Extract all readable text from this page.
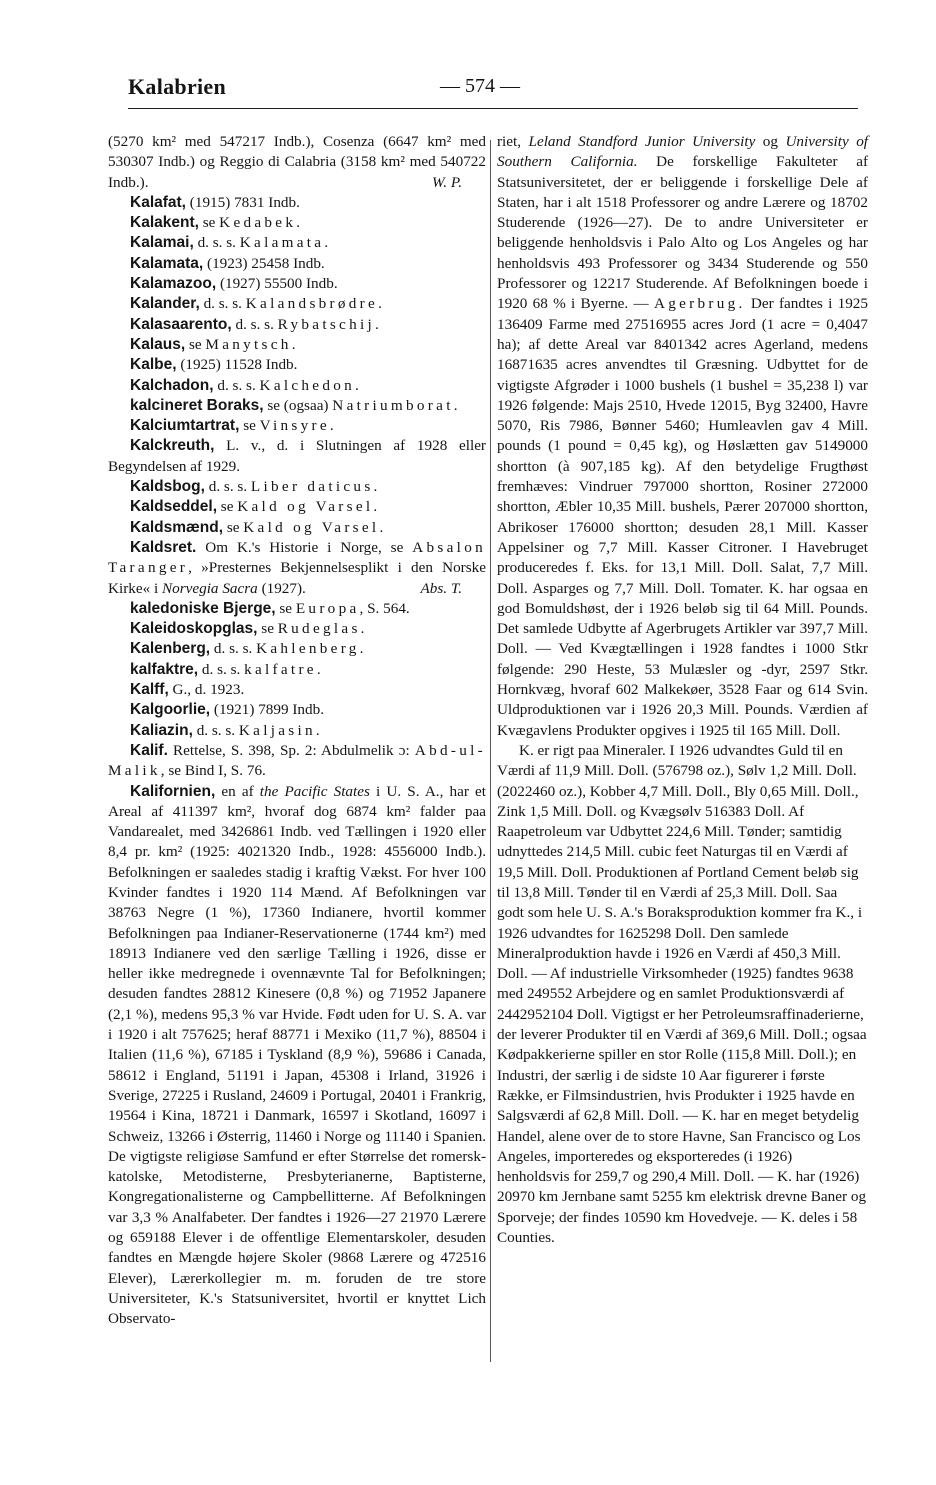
Kalabrien	— 574 —

(5270 km² med 547217 Indb.), Cosenza (6647 km² med 530307 Indb.) og Reggio di Calabria (3158 km² med 540722 Indb.).	W. P.

Kalafat, (1915) 7831 Indb.

Kalakent, se Kedabek.

Kalamai, d. s. s. Kalamata.

Kalamata, (1923) 25458 Indb.

Kalamazoo, (1927) 55500 Indb.

Kalander, d. s. s. Kalandsbrødre.

Kalasaarento, d. s. s. Rybatschij.

Kalaus, se Manytsch.

Kalbe, (1925) 11528 Indb.

Kalchadon, d. s. s. Kalchedon.

kalcineret Boraks, se (ogsaa) Natriumborat.

Kalciumtartrat, se Vinsyre.

Kalckreuth, L. v., d. i Slutningen af 1928 eller Begyndelsen af 1929.

Kaldsbog, d. s. s. Liber daticus.

Kaldseddel, se Kald og Varsel.

Kaldsmænd, se Kald og Varsel.

Kaldsret. Om K.'s Historie i Norge, se Absalon Taranger, »Presternes Bekjennelsesplikt i den Norske Kirke« i Norvegia Sacra (1927).	Abs. T.

kaledoniske Bjerge, se Europa, S. 564.

Kaleidoskopglas, se Rudeglas.

Kalenberg, d. s. s. Kahlenberg.

kalfaktre, d. s. s. kalfatre.

Kalff, G., d. 1923.

Kalgoorlie, (1921) 7899 Indb.

Kaliazin, d. s. s. Kaljasin.

Kalif. Rettelse, S. 398, Sp. 2: Abdulmelik ɔ: Abd-ul-Malik, se Bind I, S. 76.

Kalifornien, en af the Pacific States i U. S. A., har et Areal af 411397 km², hvoraf dog 6874 km² falder paa Vandarealet, med 3426861 Indb. ved Tællingen i 1920 eller 8,4 pr. km² (1925: 4021320 Indb., 1928: 4556000 Indb.). Befolkningen er saaledes stadig i kraftig Vækst. For hver 100 Kvinder fandtes i 1920 114 Mænd. Af Befolkningen var 38763 Negre (1 %), 17360 Indianere, hvortil kommer Befolkningen paa Indianer-Reservationerne (1744 km²) med 18913 Indianere ved den særlige Tælling i 1926, disse er heller ikke medregnede i ovennævnte Tal for Befolkningen; desuden fandtes 28812 Kinesere (0,8 %) og 71952 Japanere (2,1 %), medens 95,3 % var Hvide. Født uden for U. S. A. var i 1920 i alt 757625; heraf 88771 i Mexiko (11,7 %), 88504 i Italien (11,6 %), 67185 i Tyskland (8,9 %), 59686 i Canada, 58612 i England, 51191 i Japan, 45308 i Irland, 31926 i Sverige, 27225 i Rusland, 24609 i Portugal, 20401 i Frankrig, 19564 i Kina, 18721 i Danmark, 16597 i Skotland, 16097 i Schweiz, 13266 i Østerrig, 11460 i Norge og 11140 i Spanien. De vigtigste religiøse Samfund er efter Størrelse det romersk-katolske, Metodisterne, Presbyterianerne, Baptisterne, Kongregationalisterne og Campbellitterne. Af Befolkningen var 3,3 % Analfabeter. Der fandtes i 1926—27 21970 Lærere og 659188 Elever i de offentlige Elementarskoler, desuden fandtes en Mængde højere Skoler (9868 Lærere og 472516 Elever), Lærerkollegier m. m. foruden de tre store Universiteter, K.'s Statsuniversitet, hvortil er knyttet Lich Observato-

riet, Leland Standford Junior University og University of Southern California. De forskellige Fakulteter af Statsuniversitetet, der er beliggende i forskellige Dele af Staten, har i alt 1518 Professorer og andre Lærere og 18702 Studerende (1926—27). De to andre Universiteter er beliggende henholdsvis i Palo Alto og Los Angeles og har henholdsvis 493 Professorer og 3434 Studerende og 550 Professorer og 12217 Studerende. Af Befolkningen boede i 1920 68 % i Byerne. — Agerbrug. Der fandtes i 1925 136409 Farme med 27516955 acres Jord (1 acre = 0,4047 ha); af dette Areal var 8401342 acres Agerland, medens 16871635 acres anvendtes til Græsning. Udbyttet for de vigtigste Afgrøder i 1000 bushels (1 bushel = 35,238 l) var 1926 følgende: Majs 2510, Hvede 12015, Byg 32400, Havre 5070, Ris 7986, Bønner 5460; Humleavlen gav 4 Mill. pounds (1 pound = 0,45 kg), og Høslætten gav 5149000 shortton (à 907,185 kg). Af den betydelige Frugthøst fremhæves: Vindruer 797000 shortton, Rosiner 272000 shortton, Æbler 10,35 Mill. bushels, Pærer 207000 shortton, Abrikoser 176000 shortton; desuden 28,1 Mill. Kasser Appelsiner og 7,7 Mill. Kasser Citroner. I Havebruget produceredes f. Eks. for 13,1 Mill. Doll. Salat, 7,7 Mill. Doll. Asparges og 7,7 Mill. Doll. Tomater. K. har ogsaa en god Bomuldshøst, der i 1926 beløb sig til 64 Mill. Pounds. Det samlede Udbytte af Agerbrugets Artikler var 397,7 Mill. Doll. — Ved Kvægtællingen i 1928 fandtes i 1000 Stkr følgende: 290 Heste, 53 Mulæsler og -dyr, 2597 Stkr. Hornkvæg, hvoraf 602 Malkekøer, 3528 Faar og 614 Svin. Uldproduktionen var i 1926 20,3 Mill. Pounds. Værdien af Kvægavlens Produkter opgives i 1925 til 165 Mill. Doll.

K. er rigt paa Mineraler. I 1926 udvandtes Guld til en Værdi af 11,9 Mill. Doll. (576798 oz.), Sølv 1,2 Mill. Doll. (2022460 oz.), Kobber 4,7 Mill. Doll., Bly 0,65 Mill. Doll., Zink 1,5 Mill. Doll. og Kvægsølv 516383 Doll. Af Raapetroleum var Udbyttet 224,6 Mill. Tønder; samtidig udnyttedes 214,5 Mill. cubic feet Naturgas til en Værdi af 19,5 Mill. Doll. Produktionen af Portland Cement beløb sig til 13,8 Mill. Tønder til en Værdi af 25,3 Mill. Doll. Saa godt som hele U. S. A.'s Boraksproduktion kommer fra K., i 1926 udvandtes for 1625298 Doll. Den samlede Mineralproduktion havde i 1926 en Værdi af 450,3 Mill. Doll. — Af industrielle Virksomheder (1925) fandtes 9638 med 249552 Arbejdere og en samlet Produktionsværdi af 2442952104 Doll. Vigtigst er her Petroleumsraffinaderierne, der leverer Produkter til en Værdi af 369,6 Mill. Doll.; ogsaa Kødpakkerierne spiller en stor Rolle (115,8 Mill. Doll.); en Industri, der særlig i de sidste 10 Aar figurerer i første Række, er Filmsindustrien, hvis Produkter i 1925 havde en Salgsværdi af 62,8 Mill. Doll. — K. har en meget betydelig Handel, alene over de to store Havne, San Francisco og Los Angeles, importeredes og eksporteredes (i 1926) henholdsvis for 259,7 og 290,4 Mill. Doll. — K. har (1926) 20970 km Jernbane samt 5255 km elektrisk drevne Baner og Sporveje; der findes 10590 km Hovedveje. — K. deles i 58 Counties.
